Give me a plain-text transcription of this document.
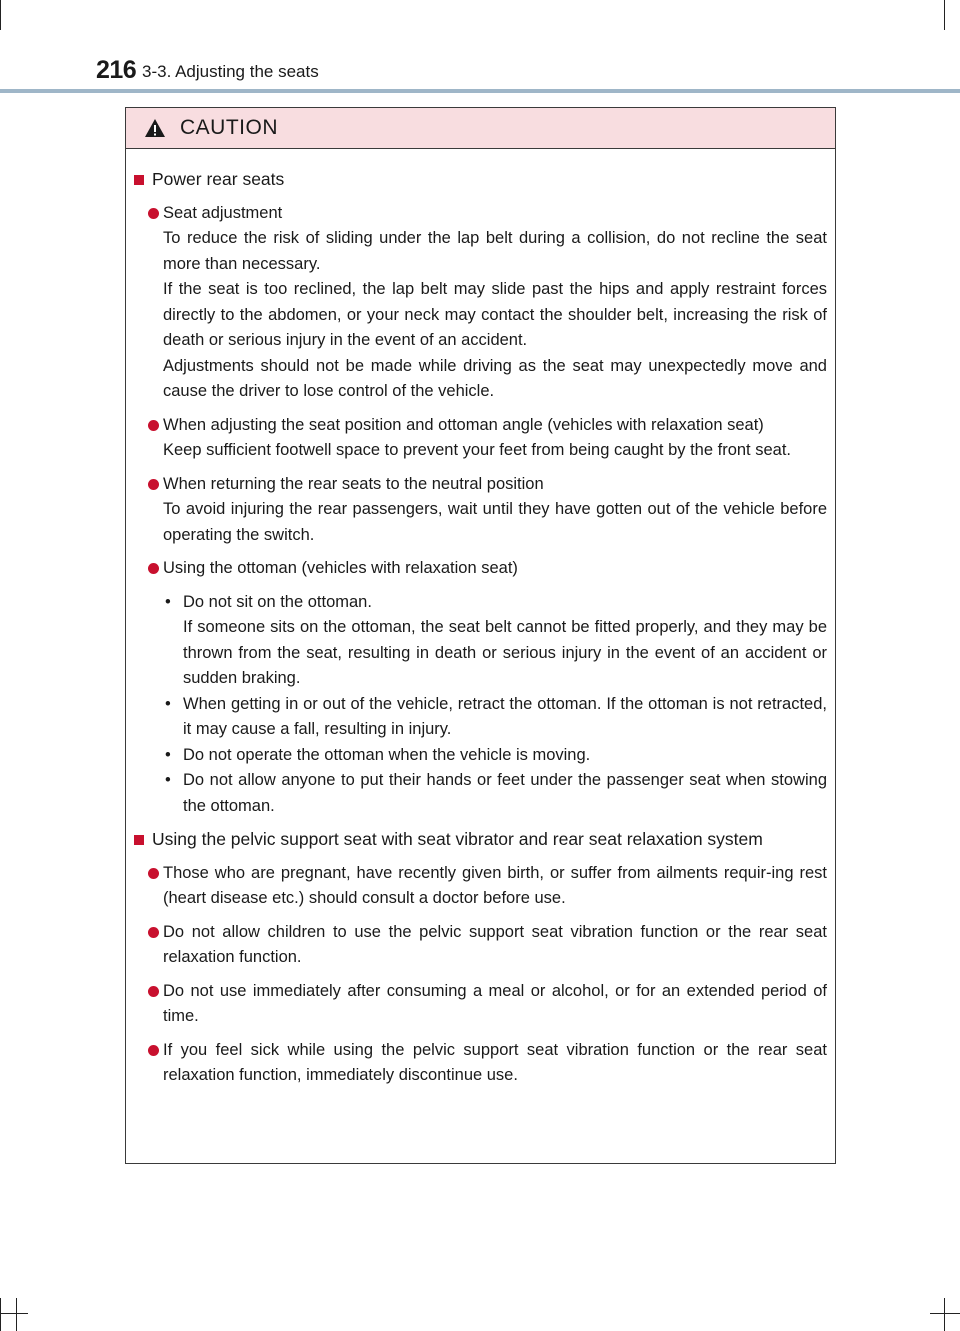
216 3-3. Adjusting the seats
CAUTION
Power rear seats

Seat adjustment

To reduce the risk of sliding under the lap belt during a collision, do not recline the seat more than necessary.

If the seat is too reclined, the lap belt may slide past the hips and apply restraint forces directly to the abdomen, or your neck may contact the shoulder belt, increasing the risk of death or serious injury in the event of an accident.

Adjustments should not be made while driving as the seat may unexpectedly move and cause the driver to lose control of the vehicle.

When adjusting the seat position and ottoman angle (vehicles with relaxation seat)

Keep sufficient footwell space to prevent your feet from being caught by the front seat.

When returning the rear seats to the neutral position

To avoid injuring the rear passengers, wait until they have gotten out of the vehicle before operating the switch.

Using the ottoman (vehicles with relaxation seat)

• Do not sit on the ottoman.

If someone sits on the ottoman, the seat belt cannot be fitted properly, and they may be thrown from the seat, resulting in death or serious injury in the event of an accident or sudden braking.

• When getting in or out of the vehicle, retract the ottoman. If the ottoman is not retracted, it may cause a fall, resulting in injury.

• Do not operate the ottoman when the vehicle is moving.

• Do not allow anyone to put their hands or feet under the passenger seat when stowing the ottoman.

Using the pelvic support seat with seat vibrator and rear seat relaxation system

Those who are pregnant, have recently given birth, or suffer from ailments requir-ing rest (heart disease etc.) should consult a doctor before use.

Do not allow children to use the pelvic support seat vibration function or the rear seat relaxation function.

Do not use immediately after consuming a meal or alcohol, or for an extended period of time.

If you feel sick while using the pelvic support seat vibration function or the rear seat relaxation function, immediately discontinue use.
